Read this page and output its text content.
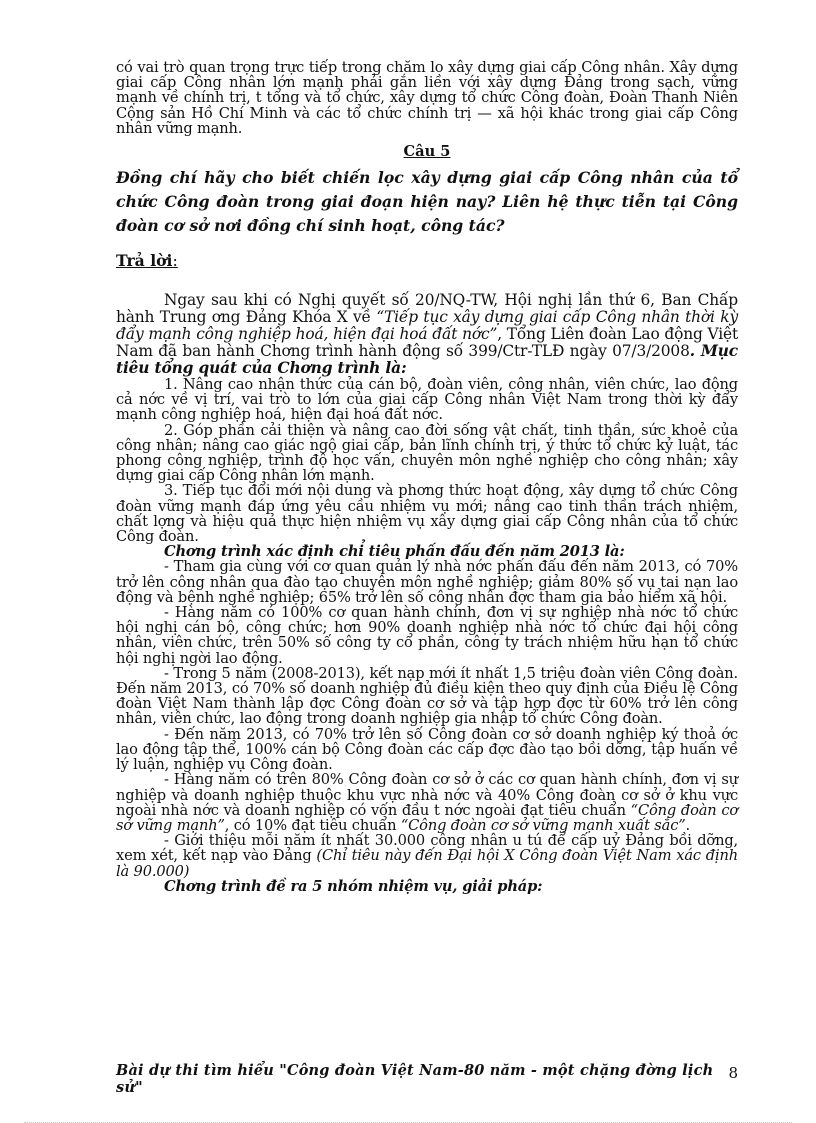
có vai trò quan trọng trực tiếp trong chăm lo xây dựng giai cấp Công nhân. Xây dựng giai cấp Công nhân lớn mạnh phải gắn liền với xây dựng Đảng trong sạch, vững mạnh về chính trị, t tổng và tổ chức, xây dựng tổ chức Công đoàn, Đoàn Thanh Niên Cộng sản Hồ Chí Minh và các tổ chức chính trị — xã hội khác trong giai cấp Công nhân vững mạnh.

Câu 5

Đồng chí hãy cho biết chiến lọc xây dựng giai cấp Công nhân của tổ chức Công đoàn trong giai đoạn hiện nay? Liên hệ thực tiễn tại Công đoàn cơ sở nơi đồng chí sinh hoạt, công tác?

Trả lời:

Ngay sau khi có Nghị quyết số 20/NQ-TW, Hội nghị lần thứ 6, Ban Chấp hành Trung ơng Đảng Khóa X về “Tiếp tục xây dựng giai cấp Công nhân thời kỳ đẩy mạnh công nghiệp hoá, hiện đại hoá đất nớc”, Tổng Liên đoàn Lao động Việt Nam đã ban hành Chơng trình hành động số 399/Ctr-TLĐ ngày 07/3/2008. Mục tiêu tổng quát của Chơng trình là:

1. Nâng cao nhận thức của cán bộ, đoàn viên, công nhân, viên chức, lao động cả nớc về vị trí, vai trò to lớn của giai cấp Công nhân Việt Nam trong thời kỳ đẩy mạnh công nghiệp hoá, hiện đại hoá đất nớc.

2. Góp phần cải thiện và nâng cao đời sống vật chất, tinh thần, sức khoẻ của công nhân; nâng cao giác ngộ giai cấp, bản lĩnh chính trị, ý thức tổ chức kỷ luật, tác phong công nghiệp, trình độ học vấn, chuyên môn nghề nghiệp cho công nhân; xây dựng giai cấp Công nhân lớn mạnh.

3. Tiếp tục đổi mới nội dung và phơng thức hoạt động, xây dựng tổ chức Công đoàn vững mạnh đáp ứng yêu cầu nhiệm vụ mới; nâng cao tinh thần trách nhiệm, chất lợng và hiệu quả thực hiện nhiệm vụ xây dựng giai cấp Công nhân của tổ chức Công đoàn.

Chơng trình xác định chỉ tiêu phấn đấu đến năm 2013 là:

- Tham gia cùng với cơ quan quản lý nhà nớc phấn đấu đến năm 2013, có 70% trở lên công nhân qua đào tạo chuyên môn nghề nghiệp; giảm 80% số vụ tai nạn lao động và bệnh nghề nghiệp; 65% trở lên số công nhân đợc tham gia bảo hiểm xã hội.

- Hàng năm có 100% cơ quan hành chính, đơn vị sự nghiệp nhà nớc tổ chức hội nghị cán bộ, công chức; hơn 90% doanh nghiệp nhà nớc tổ chức đại hội công nhân, viên chức, trên 50% số công ty cổ phần, công ty trách nhiệm hữu hạn tổ chức hội nghị ngời lao động.

- Trong 5 năm (2008-2013), kết nạp mới ít nhất 1,5 triệu đoàn viên Công đoàn. Đến năm 2013, có 70% số doanh nghiệp đủ điều kiện theo quy định của Điều lệ Công đoàn Việt Nam thành lập đợc Công đoàn cơ sở và tập hợp đợc từ 60% trở lên công nhân, viên chức, lao động trong doanh nghiệp gia nhập tổ chức Công đoàn.

- Đến năm 2013, có 70% trở lên số Công đoàn cơ sở doanh nghiệp ký thoả ớc lao động tập thể, 100% cán bộ Công đoàn các cấp đợc đào tạo bồi dỡng, tập huấn về lý luận, nghiệp vụ Công đoàn.

- Hàng năm có trên 80% Công đoàn cơ sở ở các cơ quan hành chính, đơn vị sự nghiệp và doanh nghiệp thuộc khu vực nhà nớc và 40% Công đoàn cơ sở ở khu vực ngoài nhà nớc và doanh nghiệp có vốn đầu t nớc ngoài đạt tiêu chuẩn “Công đoàn cơ sở vững mạnh”, có 10% đạt tiêu chuẩn “Công đoàn cơ sở vững mạnh xuất sắc”.

- Giới thiệu mỗi năm ít nhất 30.000 công nhân u tú để cấp uỷ Đảng bồi dỡng, xem xét, kết nạp vào Đảng (Chỉ tiêu này đến Đại hội X Công đoàn Việt Nam xác định là 90.000)

Chơng trình đề ra 5 nhóm nhiệm vụ, giải pháp:

Bài dự thi tìm hiểu "Công đoàn Việt Nam-80 năm - một chặng đờng lịch sử"
8
